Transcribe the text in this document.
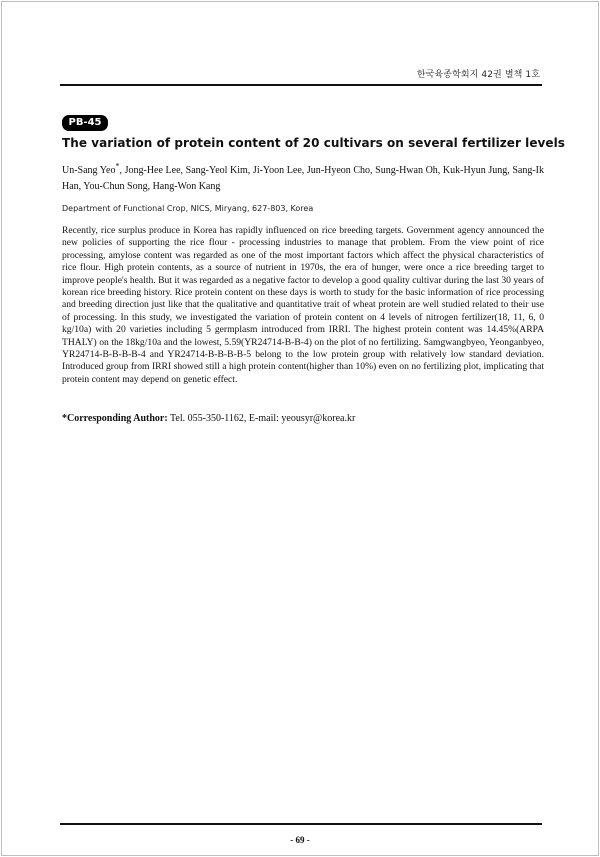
한국육종학회지 42권 별책 1호
PB-45
The variation of protein content of 20 cultivars on several fertilizer levels
Un-Sang Yeo*, Jong-Hee Lee, Sang-Yeol Kim, Ji-Yoon Lee, Jun-Hyeon Cho, Sung-Hwan Oh, Kuk-Hyun Jung, Sang-Ik Han, You-Chun Song, Hang-Won Kang
Department of Functional Crop, NICS, Miryang, 627-803, Korea

Recently, rice surplus produce in Korea has rapidly influenced on rice breeding targets. Government agency announced the new policies of supporting the rice flour - processing industries to manage that problem. From the view point of rice processing, amylose content was regarded as one of the most important factors which affect the physical characteristics of rice flour. High protein contents, as a source of nutrient in 1970s, the era of hunger, were once a rice breeding target to improve people's health. But it was regarded as a negative factor to develop a good quality cultivar during the last 30 years of korean rice breeding history. Rice protein content on these days is worth to study for the basic information of rice processing and breeding direction just like that the qualitative and quantitative trait of wheat protein are well studied related to their use of processing. In this study, we investigated the variation of protein content on 4 levels of nitrogen fertilizer(18, 11, 6, 0 kg/10a) with 20 varieties including 5 germplasm introduced from IRRI. The highest protein content was 14.45%(ARPA THALY) on the 18kg/10a and the lowest, 5.59(YR24714-B-B-4) on the plot of no fertilizing. Samgwangbyeo, Yeonganbyeo, YR24714-B-B-B-B-4 and YR24714-B-B-B-B-5 belong to the low protein group with relatively low standard deviation. Introduced group from IRRI showed still a high protein content(higher than 10%) even on no fertilizing plot, implicating that protein content may depend on genetic effect.

*Corresponding Author: Tel. 055-350-1162, E-mail: yeousyr@korea.kr
- 69 -
